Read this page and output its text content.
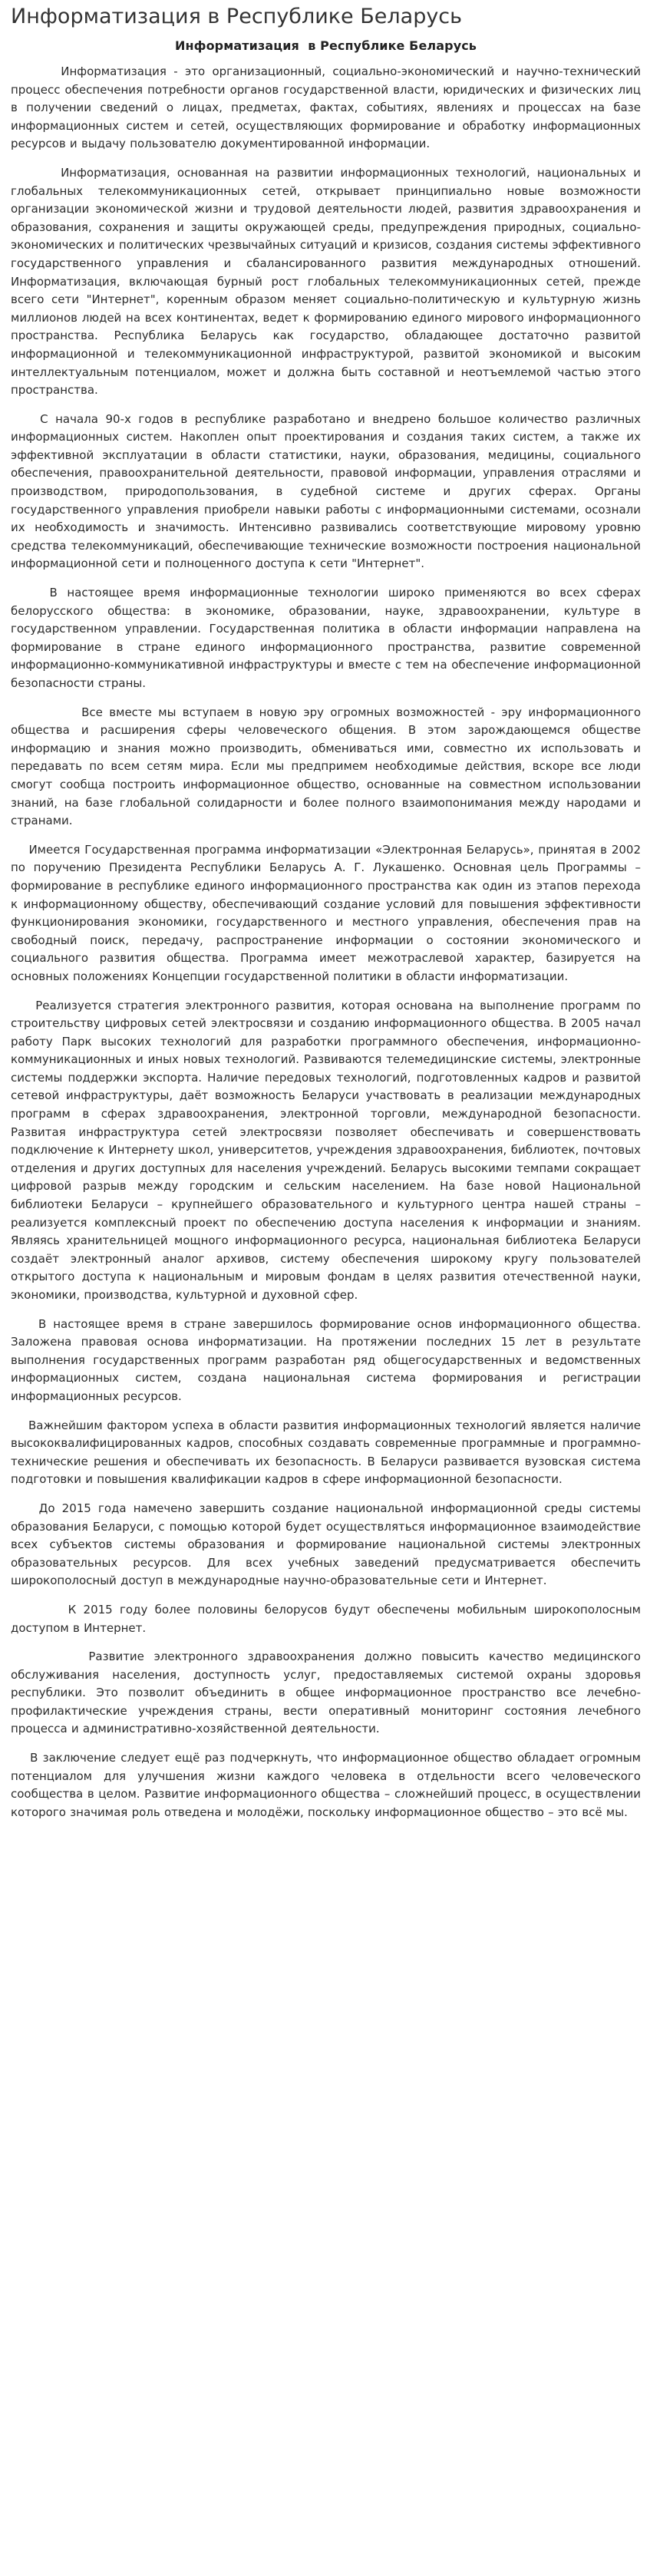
Информатизация в Республике Беларусь
Информатизация  в Республике Беларусь

Информатизация - это организационный, социально-экономический и научно-технический процесс обеспечения потребности органов государственной власти, юридических и физических лиц в получении сведений о лицах, предметах, фактах, событиях, явлениях и процессах на базе информационных систем и сетей, осуществляющих формирование и обработку информационных ресурсов и выдачу пользователю документированной информации.

Информатизация, основанная на развитии информационных технологий, национальных и глобальных телекоммуникационных сетей, открывает принципиально новые возможности организации экономической жизни и трудовой деятельности людей, развития здравоохранения и образования, сохранения и защиты окружающей среды, предупреждения природных, социально-экономических и политических чрезвычайных ситуаций и кризисов, создания системы эффективного государственного управления и сбалансированного развития международных отношений. Информатизация, включающая бурный рост глобальных телекоммуникационных сетей, прежде всего сети "Интернет", коренным образом меняет социально-политическую и культурную жизнь миллионов людей на всех континентах, ведет к формированию единого мирового информационного пространства. Республика Беларусь как государство, обладающее достаточно развитой информационной и телекоммуникационной инфраструктурой, развитой экономикой и высоким интеллектуальным потенциалом, может и должна быть составной и неотъемлемой частью этого пространства.

С начала 90-х годов в республике разработано и внедрено большое количество различных информационных систем. Накоплен опыт проектирования и создания таких систем, а также их эффективной эксплуатации в области статистики, науки, образования, медицины, социального обеспечения, правоохранительной деятельности, правовой информации, управления отраслями и производством, природопользования, в судебной системе и других сферах. Органы государственного управления приобрели навыки работы с информационными системами, осознали их необходимость и значимость. Интенсивно развивались соответствующие мировому уровню средства телекоммуникаций, обеспечивающие технические возможности построения национальной информационной сети и полноценного доступа к сети "Интернет".

В настоящее время информационные технологии широко применяются во всех сферах белорусского общества: в экономике, образовании, науке, здравоохранении, культуре в государственном управлении. Государственная политика в области информации направлена на формирование в стране единого информационного пространства, развитие современной информационно-коммуникативной инфраструктуры и вместе с тем на обеспечение информационной безопасности страны.

Все вместе мы вступаем в новую эру огромных возможностей - эру информационного общества и расширения сферы человеческого общения. В этом зарождающемся обществе информацию и знания можно производить, обмениваться ими, совместно их использовать и передавать по всем сетям мира. Если мы предпримем необходимые действия, вскоре все люди смогут сообща построить информационное общество, основанные на совместном использовании знаний, на базе глобальной солидарности и более полного взаимопонимания между народами и странами.

Имеется Государственная программа информатизации «Электронная Беларусь», принятая в 2002 по поручению Президента Республики Беларусь А. Г. Лукашенко. Основная цель Программы – формирование в республике единого информационного пространства как один из этапов перехода к информационному обществу, обеспечивающий создание условий для повышения эффективности функционирования экономики, государственного и местного управления, обеспечения прав на свободный поиск, передачу, распространение информации о состоянии экономического и социального развития общества. Программа имеет межотраслевой характер, базируется на основных положениях Концепции государственной политики в области информатизации.

Реализуется стратегия электронного развития, которая основана на выполнение программ по строительству цифровых сетей электросвязи и созданию информационного общества. В 2005 начал работу Парк высоких технологий для разработки программного обеспечения, информационно-коммуникационных и иных новых технологий. Развиваются телемедицинские системы, электронные системы поддержки экспорта. Наличие передовых технологий, подготовленных кадров и развитой сетевой инфраструктуры, даёт возможность Беларуси участвовать в реализации международных программ в сферах здравоохранения, электронной торговли, международной безопасности. Развитая инфраструктура сетей электросвязи позволяет обеспечивать и совершенствовать подключение к Интернету школ, университетов, учреждения здравоохранения, библиотек, почтовых отделения и других доступных для населения учреждений. Беларусь высокими темпами сокращает цифровой разрыв между городским и сельским населением. На базе новой Национальной библиотеки Беларуси – крупнейшего образовательного и культурного центра нашей страны – реализуется комплексный проект по обеспечению доступа населения к информации и знаниям. Являясь хранительницей мощного информационного ресурса, национальная библиотека Беларуси создаёт электронный аналог архивов, систему обеспечения широкому кругу пользователей открытого доступа к национальным и мировым фондам в целях развития отечественной науки, экономики, производства, культурной и духовной сфер.

В настоящее время в стране завершилось формирование основ информационного общества. Заложена правовая основа информатизации. На протяжении последних 15 лет в результате выполнения государственных программ разработан ряд общегосударственных и ведомственных информационных систем, создана национальная система формирования и регистрации информационных ресурсов.

Важнейшим фактором успеха в области развития информационных технологий является наличие высококвалифицированных кадров, способных создавать современные программные и программно-технические решения и обеспечивать их безопасность. В Беларуси развивается вузовская система подготовки и повышения квалификации кадров в сфере информационной безопасности.

До 2015 года намечено завершить создание национальной информационной среды системы образования Беларуси, с помощью которой будет осуществляться информационное взаимодействие всех субъектов системы образования и формирование национальной системы электронных образовательных ресурсов. Для всех учебных заведений предусматривается обеспечить широкополосный доступ в международные научно-образовательные сети и Интернет.

К 2015 году более половины белорусов будут обеспечены мобильным широкополосным доступом в Интернет.

Развитие электронного здравоохранения должно повысить качество медицинского обслуживания населения, доступность услуг, предоставляемых системой охраны здоровья республики. Это позволит объединить в общее информационное пространство все лечебно-профилактические учреждения страны, вести оперативный мониторинг состояния лечебного процесса и административно-хозяйственной деятельности.

В заключение следует ещё раз подчеркнуть, что информационное общество обладает огромным потенциалом для улучшения жизни каждого человека в отдельности всего человеческого сообщества в целом. Развитие информационного общества – сложнейший процесс, в осуществлении которого значимая роль отведена и молодёжи, поскольку информационное общество – это всё мы.
